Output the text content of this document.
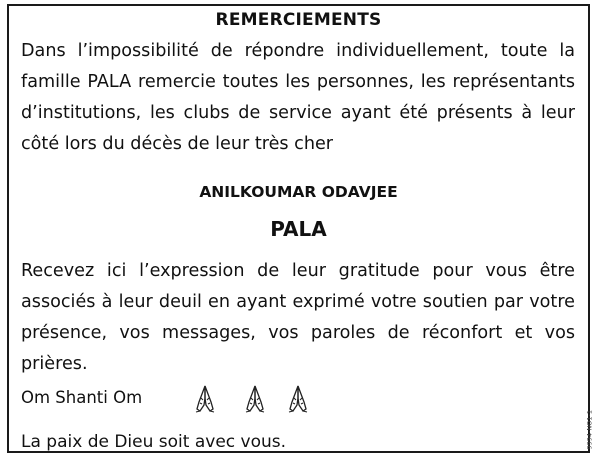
REMERCIEMENTS
Dans l’impossibilité de répondre individuellement, toute la famille PALA remercie toutes les personnes, les représentants d’institutions, les clubs de service ayant été présents à leur côté lors du décès de leur très cher
ANILKOUMAR ODAVJEE
PALA
Recevez ici l’expression de leur gratitude pour vous être associés à leur deuil en ayant exprimé votre soutien par votre présence, vos messages, vos paroles de réconfort et vos prières.
Om Shanti Om
La paix de Dieu soit avec vous.	9994-NO1-1
